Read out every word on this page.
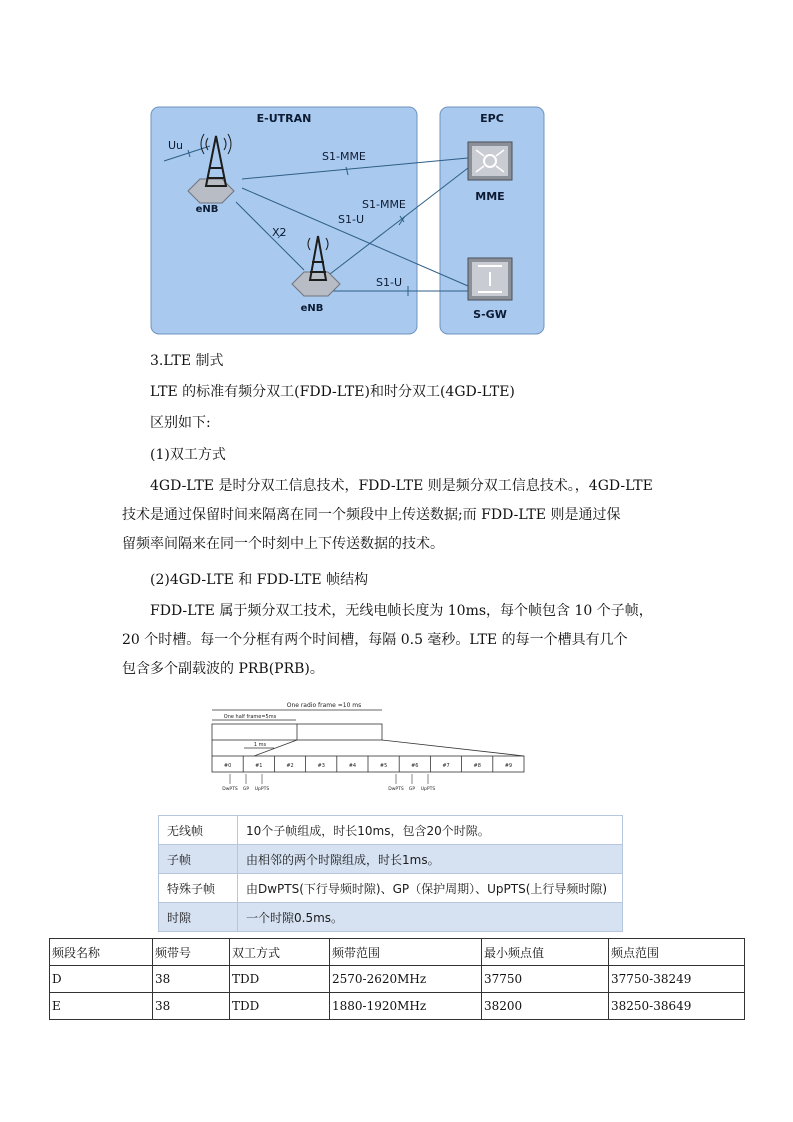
E-UTRAN	EPC
Uu
S1-MME
S1-MME
S1-U
X2
S1-U
eNB
eNB
MME
S-GW
3.LTE 制式
LTE 的标准有频分双工(FDD-LTE)和时分双工(4GD-LTE)
区别如下:
(1)双工方式
4GD-LTE 是时分双工信息技术，FDD-LTE 则是频分双工信息技术。，4GD-LTE
技术是通过保留时间来隔离在同一个频段中上传送数据;而 FDD-LTE 则是通过保
留频率间隔来在同一个时刻中上下传送数据的技术。
(2)4GD-LTE 和 FDD-LTE 帧结构
FDD-LTE 属于频分双工技术，无线电帧长度为 10ms，每个帧包含 10 个子帧，
20 个时槽。每一个分框有两个时间槽，每隔 0.5 毫秒。LTE 的每一个槽具有几个
包含多个副载波的 PRB(PRB)。
One radio frame =10 ms
One half frame=5ms
1 ms
#0	#1	#2	#3	#4	#5	#6	#7	#8	#9
DwPTS GP UpPTS	DwPTS GP UpPTS
无线帧	10个子帧组成，时长10ms，包含20个时隙。
子帧	由相邻的两个时隙组成，时长1ms。
特殊子帧	由DwPTS(下行导频时隙)、GP（保护周期）、UpPTS(上行导频时隙)
时隙	一个时隙0.5ms。
频段名称	频带号	双工方式	频带范围	最小频点值	频点范围
D	38	TDD	2570-2620MHz	37750	37750-38249
E	38	TDD	1880-1920MHz	38200	38250-38649
